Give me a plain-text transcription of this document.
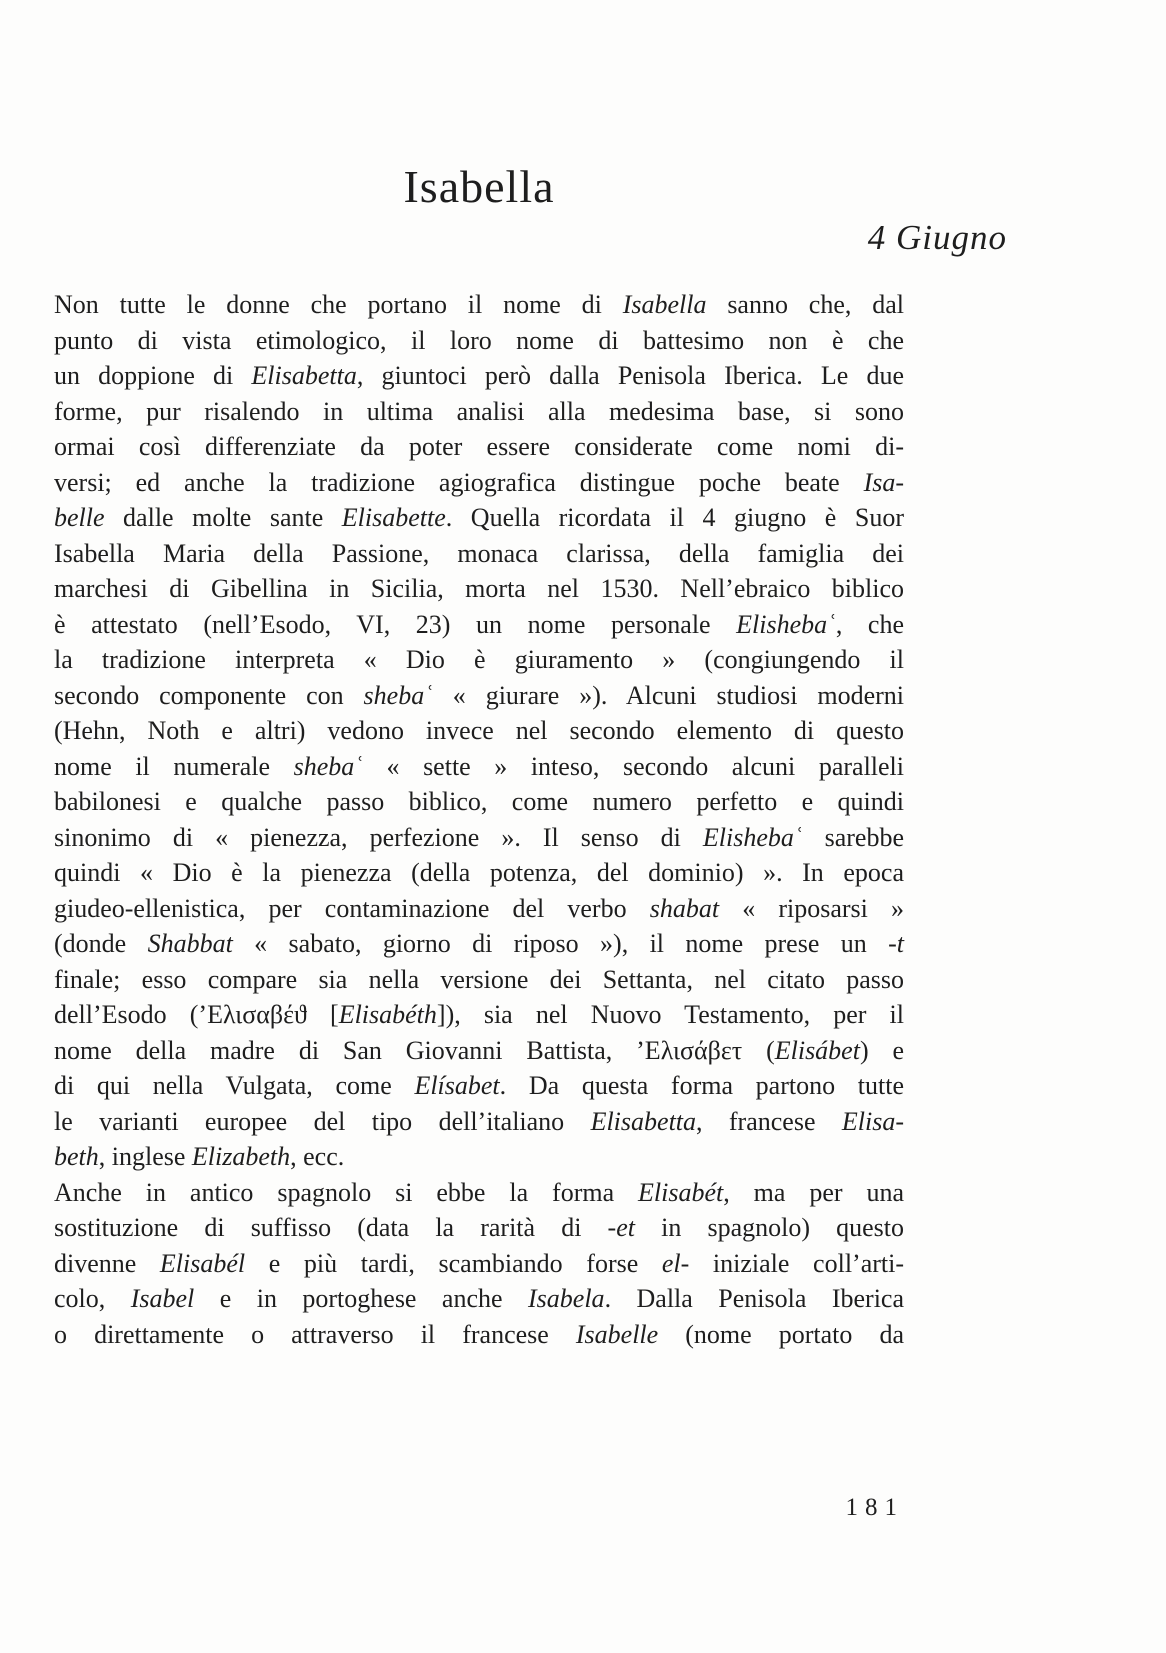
Isabella
4 Giugno
Non tutte le donne che portano il nome di Isabella sanno che, dal
punto di vista etimologico, il loro nome di battesimo non è che
un doppione di Elisabetta, giuntoci però dalla Penisola Iberica. Le due
forme, pur risalendo in ultima analisi alla medesima base, si sono
ormai così differenziate da poter essere considerate come nomi di-
versi; ed anche la tradizione agiografica distingue poche beate Isa-
belle dalle molte sante Elisabette. Quella ricordata il 4 giugno è Suor
Isabella Maria della Passione, monaca clarissa, della famiglia dei
marchesi di Gibellina in Sicilia, morta nel 1530. Nell’ebraico biblico
è attestato (nell’Esodo, VI, 23) un nome personale Elishebaʿ, che
la tradizione interpreta « Dio è giuramento » (congiungendo il
secondo componente con shebaʿ « giurare »). Alcuni studiosi moderni
(Hehn, Noth e altri) vedono invece nel secondo elemento di questo
nome il numerale shebaʿ « sette » inteso, secondo alcuni paralleli
babilonesi e qualche passo biblico, come numero perfetto e quindi
sinonimo di « pienezza, perfezione ». Il senso di Elishebaʿ sarebbe
quindi « Dio è la pienezza (della potenza, del dominio) ». In epoca
giudeo-ellenistica, per contaminazione del verbo shabat « riposarsi »
(donde Shabbat « sabato, giorno di riposo »), il nome prese un -t
finale; esso compare sia nella versione dei Settanta, nel citato passo
dell’Esodo (’Ελισαβέϑ [Elisabéth]), sia nel Nuovo Testamento, per il
nome della madre di San Giovanni Battista, ’Ελισάβετ (Elisábet) e
di qui nella Vulgata, come Elísabet. Da questa forma partono tutte
le varianti europee del tipo dell’italiano Elisabetta, francese Elisa-
beth, inglese Elizabeth, ecc.
Anche in antico spagnolo si ebbe la forma Elisabét, ma per una
sostituzione di suffisso (data la rarità di -et in spagnolo) questo
divenne Elisabél e più tardi, scambiando forse el- iniziale coll’arti-
colo, Isabel e in portoghese anche Isabela. Dalla Penisola Iberica
o direttamente o attraverso il francese Isabelle (nome portato da
181
